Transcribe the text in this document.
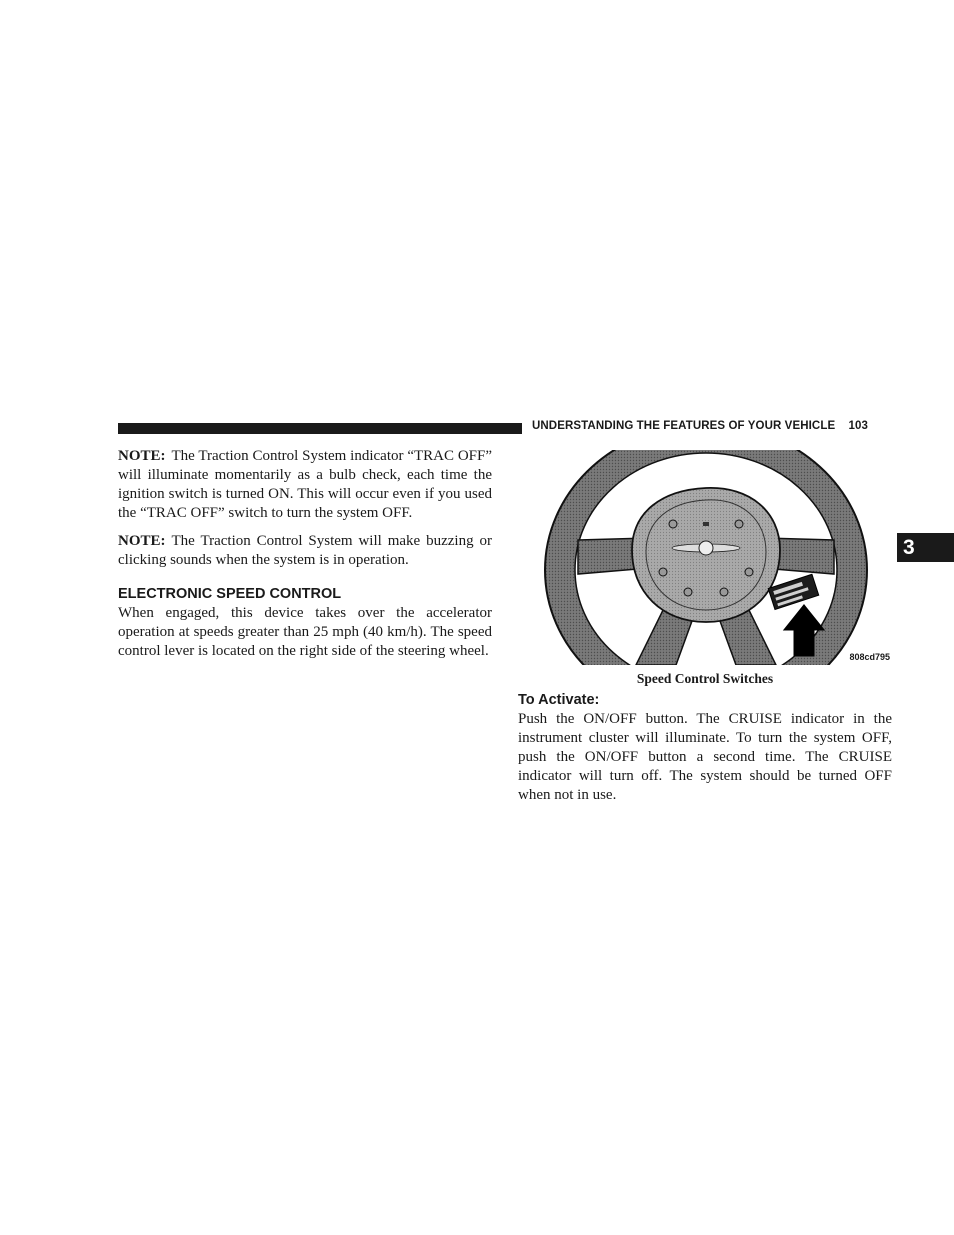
UNDERSTANDING THE FEATURES OF YOUR VEHICLE 103
3

NOTE: The Traction Control System indicator “TRAC OFF” will illuminate momentarily as a bulb check, each time the ignition switch is turned ON. This will occur even if you used the “TRAC OFF” switch to turn the system OFF.

NOTE: The Traction Control System will make buzzing or clicking sounds when the system is in operation.

ELECTRONIC SPEED CONTROL

When engaged, this device takes over the accelerator operation at speeds greater than 25 mph (40 km/h). The speed control lever is located on the right side of the steering wheel.	808cd795
Speed Control Switches
To Activate:

Push the ON/OFF button. The CRUISE indicator in the instrument cluster will illuminate. To turn the system OFF, push the ON/OFF button a second time. The CRUISE indicator will turn off. The system should be turned OFF when not in use.
